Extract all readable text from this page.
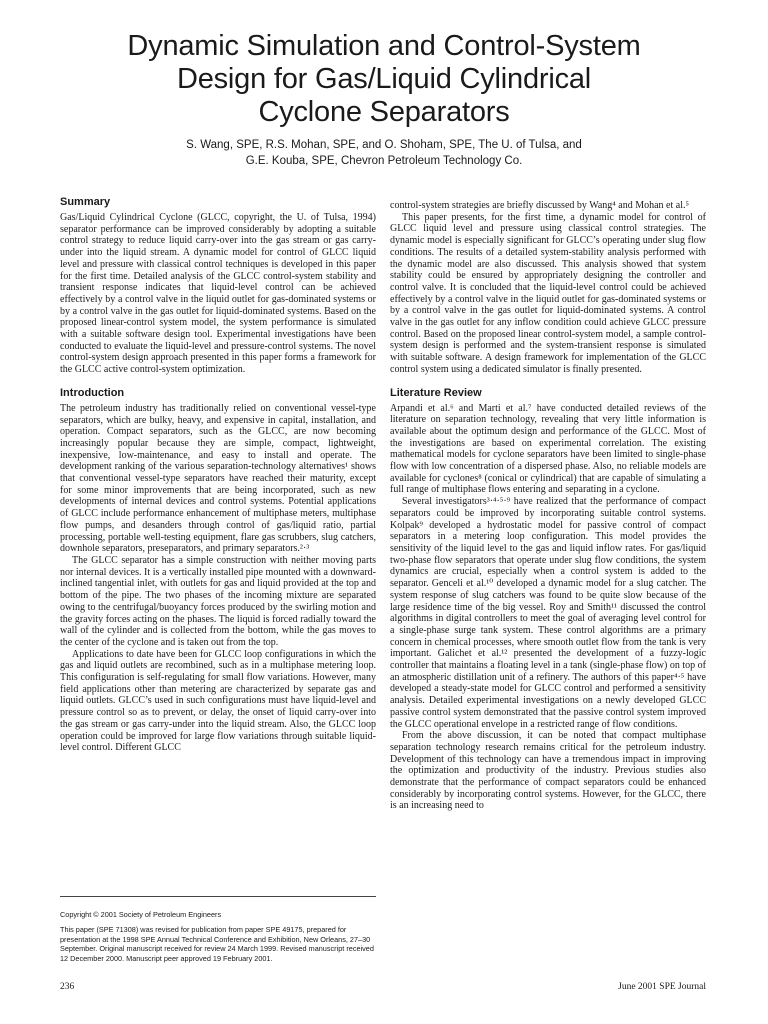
Dynamic Simulation and Control-System
Design for Gas/Liquid Cylindrical
Cyclone Separators

S. Wang, SPE, R.S. Mohan, SPE, and O. Shoham, SPE, The U. of Tulsa, and

G.E. Kouba, SPE, Chevron Petroleum Technology Co.

Summary

Gas/Liquid Cylindrical Cyclone (GLCC, copyright, the U. of Tulsa, 1994) separator performance can be improved considerably by adopting a suitable control strategy to reduce liquid carry-over into the gas stream or gas carry-under into the liquid stream. A dynamic model for control of GLCC liquid level and pressure with classical control techniques is developed in this paper for the first time. Detailed analysis of the GLCC control-system stability and transient response indicates that liquid-level control can be achieved effectively by a control valve in the liquid outlet for gas-dominated systems or by a control valve in the gas outlet for liquid-dominated systems. Based on the proposed linear-control system model, the system performance is simulated with a suitable software design tool. Experimental investigations have been conducted to evaluate the liquid-level and pressure-control systems. The novel control-system design approach presented in this paper forms a framework for the GLCC active control-system optimization.

Introduction

The petroleum industry has traditionally relied on conventional vessel-type separators, which are bulky, heavy, and expensive in capital, installation, and operation. Compact separators, such as the GLCC, are now becoming increasingly popular because they are simple, compact, lightweight, inexpensive, low-maintenance, and easy to install and operate. The development ranking of the various separation-technology alternatives¹ shows that conventional vessel-type separators have reached their maturity, except for some minor improvements that are being incorporated, such as new developments of internal devices and control systems. Potential applications of GLCC include performance enhancement of multiphase meters, multiphase flow pumps, and desanders through control of gas/liquid ratio, partial processing, portable well-testing equipment, flare gas scrubbers, slug catchers, downhole separators, preseparators, and primary separators.²·³

The GLCC separator has a simple construction with neither moving parts nor internal devices. It is a vertically installed pipe mounted with a downward-inclined tangential inlet, with outlets for gas and liquid provided at the top and bottom of the pipe. The two phases of the incoming mixture are separated owing to the centrifugal/buoyancy forces produced by the swirling motion and the gravity forces acting on the phases. The liquid is forced radially toward the wall of the cylinder and is collected from the bottom, while the gas moves to the center of the cyclone and is taken out from the top.

Applications to date have been for GLCC loop configurations in which the gas and liquid outlets are recombined, such as in a multiphase metering loop. This configuration is self-regulating for small flow variations. However, many field applications other than metering are characterized by separate gas and liquid outlets. GLCC’s used in such configurations must have liquid-level and pressure control so as to prevent, or delay, the onset of liquid carry-over into the gas stream or gas carry-under into the liquid stream. Also, the GLCC loop operation could be improved for large flow variations through suitable liquid-level control. Different GLCC

control-system strategies are briefly discussed by Wang⁴ and Mohan et al.⁵

This paper presents, for the first time, a dynamic model for control of GLCC liquid level and pressure using classical control strategies. The dynamic model is especially significant for GLCC’s operating under slug flow conditions. The results of a detailed system-stability analysis performed with the dynamic model are also discussed. This analysis showed that system stability could be ensured by appropriately designing the controller and control valve. It is concluded that the liquid-level control could be achieved effectively by a control valve in the liquid outlet for gas-dominated systems or by a control valve in the gas outlet for liquid-dominated systems. A control valve in the gas outlet for any inflow condition could achieve GLCC pressure control. Based on the proposed linear control-system model, a sample control-system design is performed and the system-transient response is simulated with suitable software. A design framework for implementation of the GLCC control system using a dedicated simulator is finally presented.

Literature Review

Arpandi et al.⁶ and Marti et al.⁷ have conducted detailed reviews of the literature on separation technology, revealing that very little information is available about the optimum design and performance of the GLCC. Most of the investigations are based on experimental correlation. The existing mathematical models for cyclone separators have been limited to single-phase flow with low concentration of a dispersed phase. Also, no reliable models are available for cyclones⁸ (conical or cylindrical) that are capable of simulating a full range of multiphase flows entering and separating in a cyclone.

Several investigators³·⁴·⁵·⁹ have realized that the performance of compact separators could be improved by incorporating suitable control systems. Kolpak⁹ developed a hydrostatic model for passive control of compact separators in a metering loop configuration. This model provides the sensitivity of the liquid level to the gas and liquid inflow rates. For gas/liquid two-phase flow separators that operate under slug flow conditions, the system dynamics are crucial, especially when a control system is added to the separator. Genceli et al.¹⁰ developed a dynamic model for a slug catcher. The system response of slug catchers was found to be quite slow because of the large residence time of the big vessel. Roy and Smith¹¹ discussed the control algorithms in digital controllers to meet the goal of averaging level control for a single-phase surge tank system. These control algorithms are a primary concern in chemical processes, where smooth outlet flow from the tank is very important. Galichet et al.¹² presented the development of a fuzzy-logic controller that maintains a floating level in a tank (single-phase flow) on top of an atmospheric distillation unit of a refinery. The authors of this paper⁴·⁵ have developed a steady-state model for GLCC control and performed a sensitivity analysis. Detailed experimental investigations on a newly developed GLCC passive control system demonstrated that the passive control system improved the GLCC operational envelope in a restricted range of flow conditions.

From the above discussion, it can be noted that compact multiphase separation technology research remains critical for the petroleum industry. Development of this technology can have a tremendous impact in improving the optimization and productivity of the industry. Previous studies also demonstrate that the performance of compact separators could be enhanced considerably by incorporating control systems. However, for the GLCC, there is an increasing need to

Copyright © 2001 Society of Petroleum Engineers

This paper (SPE 71308) was revised for publication from paper SPE 49175, prepared for presentation at the 1998 SPE Annual Technical Conference and Exhibition, New Orleans, 27–30 September. Original manuscript received for review 24 March 1999. Revised manuscript received 12 December 2000. Manuscript peer approved 19 February 2001.

236	June 2001 SPE Journal
